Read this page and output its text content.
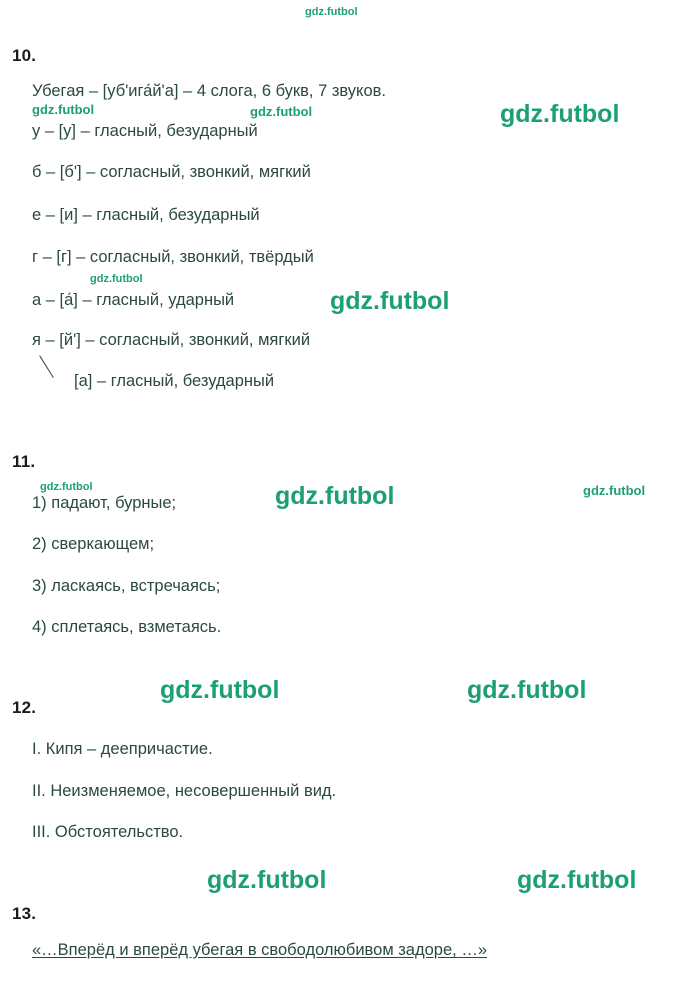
gdz.futbol
10.
Убегая – [уб'ига́й'а] – 4 слога, 6 букв, 7 звуков.
gdz.futbol	gdz.futbol	gdz.futbol
у – [у] – гласный, безударный
б – [б'] – согласный, звонкий, мягкий
е – [и] – гласный, безударный
г – [г] – согласный, звонкий, твёрдый
gdz.futbol
а – [а́] – гласный, ударный	gdz.futbol
я – [й'] – согласный, звонкий, мягкий
[а] – гласный, безударный
11.
gdz.futbol	gdz.futbol	gdz.futbol
1) падают, бурные;
2) сверкающем;
3) ласкаясь, встречаясь;
4) сплетаясь, взметаясь.
gdz.futbol	gdz.futbol
12.
I. Кипя – деепричастие.
II. Неизменяемое, несовершенный вид.
III. Обстоятельство.
gdz.futbol	gdz.futbol
13.
«…Вперёд и вперёд убегая в свободолюбивом задоре, …»
